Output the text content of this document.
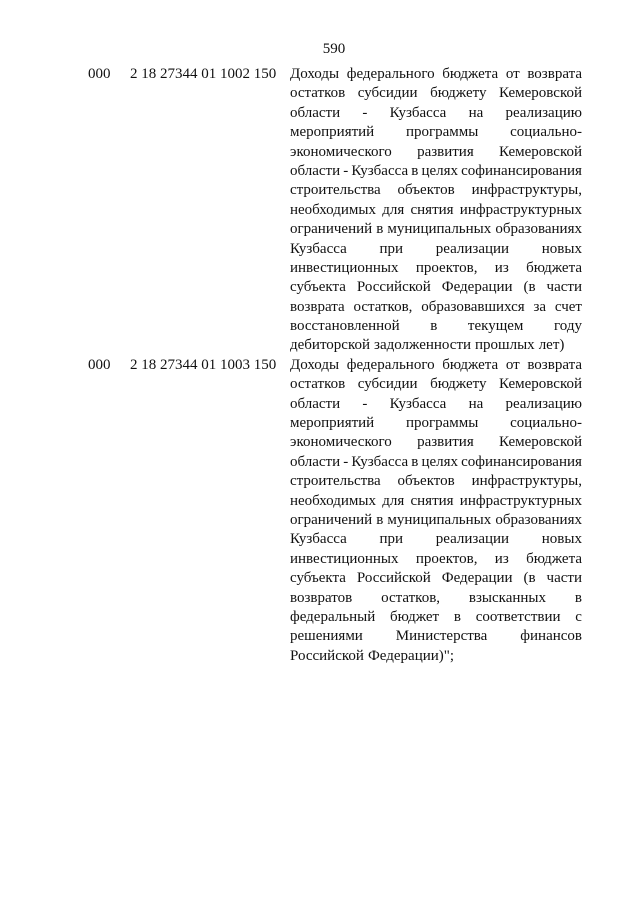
590
000	2 18 27344 01 1002 150 Доходы федерального бюджета от возврата
остатков субсидии бюджету Кемеровской
области - Кузбасса на реализацию
мероприятий программы социально-
экономического развития Кемеровской
области - Кузбасса в целях софинансирования
строительства объектов инфраструктуры,
необходимых для снятия инфраструктурных
ограничений в муниципальных образованиях
Кузбасса при реализации новых
инвестиционных проектов, из бюджета
субъекта Российской Федерации (в части
возврата остатков, образовавшихся за счет
восстановленной в текущем году
дебиторской задолженности прошлых лет)
000	2 18 27344 01 1003 150 Доходы федерального бюджета от возврата
остатков субсидии бюджету Кемеровской
области - Кузбасса на реализацию
мероприятий программы социально-
экономического развития Кемеровской
области - Кузбасса в целях софинансирования
строительства объектов инфраструктуры,
необходимых для снятия инфраструктурных
ограничений в муниципальных образованиях
Кузбасса при реализации новых
инвестиционных проектов, из бюджета
субъекта Российской Федерации (в части
возвратов остатков, взысканных в
федеральный бюджет в соответствии с
решениями Министерства финансов
Российской Федерации)";
